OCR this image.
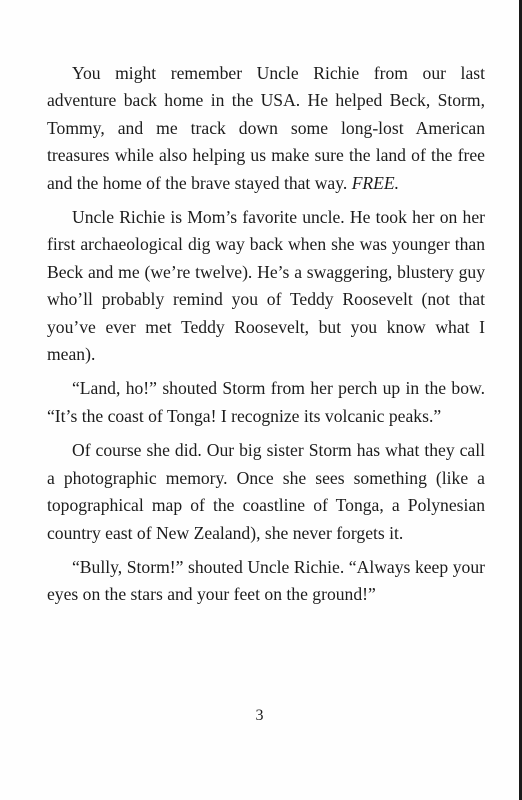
You might remember Uncle Richie from our last adventure back home in the USA. He helped Beck, Storm, Tommy, and me track down some long-lost American treasures while also helping us make sure the land of the free and the home of the brave stayed that way. FREE.

Uncle Richie is Mom’s favorite uncle. He took her on her first archaeological dig way back when she was younger than Beck and me (we’re twelve). He’s a swaggering, blustery guy who’ll probably remind you of Teddy Roosevelt (not that you’ve ever met Teddy Roosevelt, but you know what I mean).

“Land, ho!” shouted Storm from her perch up in the bow. “It’s the coast of Tonga! I recognize its volcanic peaks.”

Of course she did. Our big sister Storm has what they call a photographic memory. Once she sees something (like a topographical map of the coastline of Tonga, a Polynesian country east of New Zealand), she never forgets it.

“Bully, Storm!” shouted Uncle Richie. “Always keep your eyes on the stars and your feet on the ground!”

3
